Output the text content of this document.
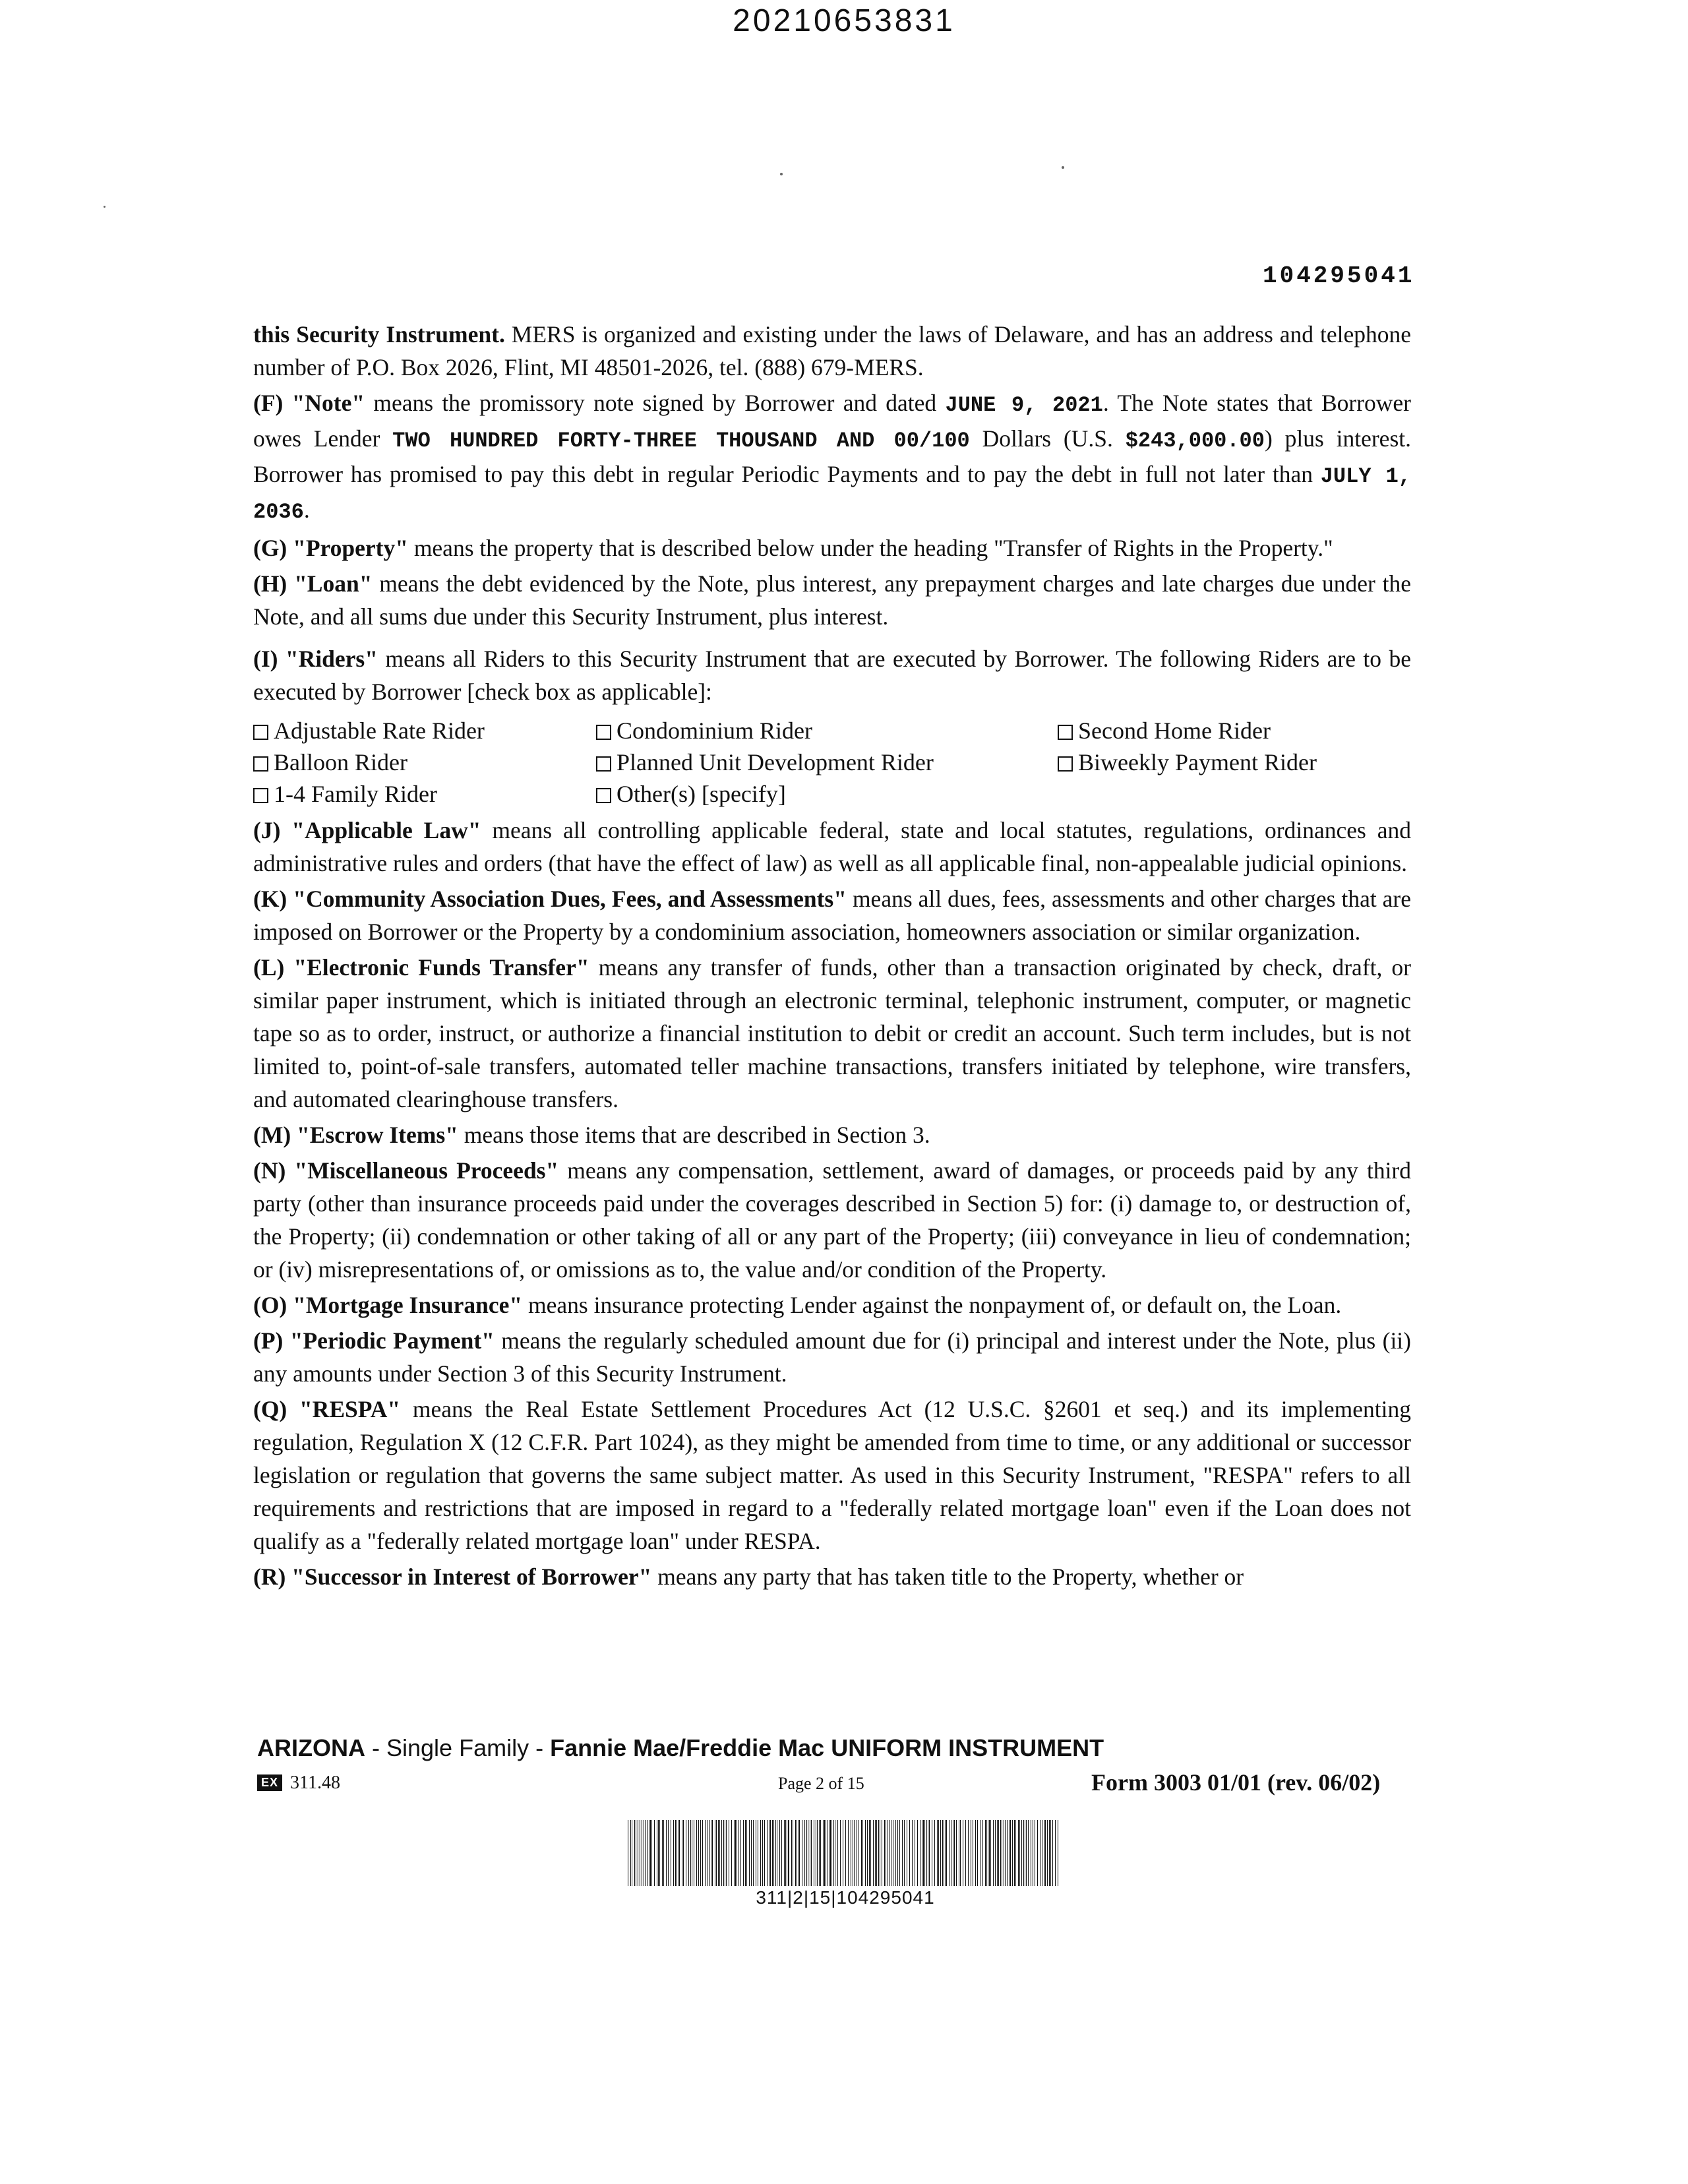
20210653831
104295041

this Security Instrument. MERS is organized and existing under the laws of Delaware, and has an address and telephone number of P.O. Box 2026, Flint, MI 48501-2026, tel. (888) 679-MERS.

(F) "Note" means the promissory note signed by Borrower and dated JUNE 9, 2021. The Note states that Borrower owes Lender TWO HUNDRED FORTY-THREE THOUSAND AND 00/100 Dollars (U.S. $243,000.00) plus interest. Borrower has promised to pay this debt in regular Periodic Payments and to pay the debt in full not later than JULY 1, 2036.

(G) "Property" means the property that is described below under the heading "Transfer of Rights in the Property."

(H) "Loan" means the debt evidenced by the Note, plus interest, any prepayment charges and late charges due under the Note, and all sums due under this Security Instrument, plus interest.

(I) "Riders" means all Riders to this Security Instrument that are executed by Borrower. The following Riders are to be executed by Borrower [check box as applicable]:

Adjustable Rate Rider	Condominium Rider	Second Home Rider
Balloon Rider	Planned Unit Development Rider	Biweekly Payment Rider
1-4 Family Rider	Other(s) [specify]

(J) "Applicable Law" means all controlling applicable federal, state and local statutes, regulations, ordinances and administrative rules and orders (that have the effect of law) as well as all applicable final, non-appealable judicial opinions.

(K) "Community Association Dues, Fees, and Assessments" means all dues, fees, assessments and other charges that are imposed on Borrower or the Property by a condominium association, homeowners association or similar organization.

(L) "Electronic Funds Transfer" means any transfer of funds, other than a transaction originated by check, draft, or similar paper instrument, which is initiated through an electronic terminal, telephonic instrument, computer, or magnetic tape so as to order, instruct, or authorize a financial institution to debit or credit an account. Such term includes, but is not limited to, point-of-sale transfers, automated teller machine transactions, transfers initiated by telephone, wire transfers, and automated clearinghouse transfers.

(M) "Escrow Items" means those items that are described in Section 3.

(N) "Miscellaneous Proceeds" means any compensation, settlement, award of damages, or proceeds paid by any third party (other than insurance proceeds paid under the coverages described in Section 5) for: (i) damage to, or destruction of, the Property; (ii) condemnation or other taking of all or any part of the Property; (iii) conveyance in lieu of condemnation; or (iv) misrepresentations of, or omissions as to, the value and/or condition of the Property.

(O) "Mortgage Insurance" means insurance protecting Lender against the nonpayment of, or default on, the Loan.

(P) "Periodic Payment" means the regularly scheduled amount due for (i) principal and interest under the Note, plus (ii) any amounts under Section 3 of this Security Instrument.

(Q) "RESPA" means the Real Estate Settlement Procedures Act (12 U.S.C. §2601 et seq.) and its implementing regulation, Regulation X (12 C.F.R. Part 1024), as they might be amended from time to time, or any additional or successor legislation or regulation that governs the same subject matter. As used in this Security Instrument, "RESPA" refers to all requirements and restrictions that are imposed in regard to a "federally related mortgage loan" even if the Loan does not qualify as a "federally related mortgage loan" under RESPA.

(R) "Successor in Interest of Borrower" means any party that has taken title to the Property, whether or

ARIZONA - Single Family - Fannie Mae/Freddie Mac UNIFORM INSTRUMENT
EX 311.48	Page 2 of 15	Form 3003 01/01 (rev. 06/02)
311|2|15|104295041
